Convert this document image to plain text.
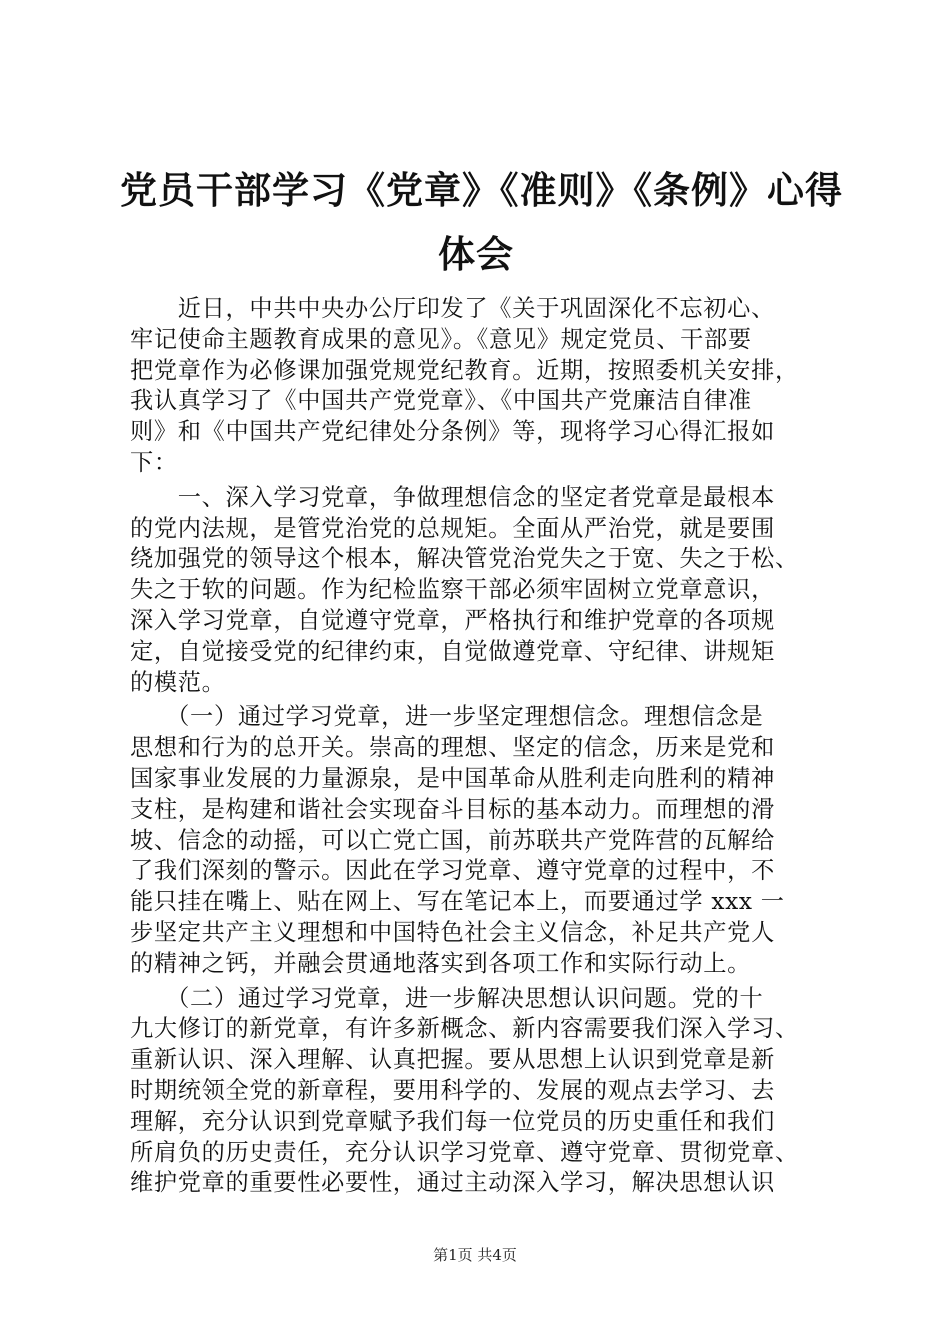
党员干部学习《党章》《准则》《条例》心得
体会

　　近日，中共中央办公厅印发了《关于巩固深化不忘初心、
牢记使命主题教育成果的意见》。《意见》规定党员、干部要
把党章作为必修课加强党规党纪教育。近期，按照委机关安排，
我认真学习了《中国共产党党章》、《中国共产党廉洁自律准
则》和《中国共产党纪律处分条例》等，现将学习心得汇报如
下：

　　一、深入学习党章，争做理想信念的坚定者党章是最根本
的党内法规，是管党治党的总规矩。全面从严治党，就是要围
绕加强党的领导这个根本，解决管党治党失之于宽、失之于松、
失之于软的问题。作为纪检监察干部必须牢固树立党章意识，
深入学习党章，自觉遵守党章，严格执行和维护党章的各项规
定，自觉接受党的纪律约束，自觉做遵党章、守纪律、讲规矩
的模范。

　　（一）通过学习党章，进一步坚定理想信念。理想信念是
思想和行为的总开关。崇高的理想、坚定的信念，历来是党和
国家事业发展的力量源泉，是中国革命从胜利走向胜利的精神
支柱，是构建和谐社会实现奋斗目标的基本动力。而理想的滑
坡、信念的动摇，可以亡党亡国，前苏联共产党阵营的瓦解给
了我们深刻的警示。因此在学习党章、遵守党章的过程中，不
能只挂在嘴上、贴在网上、写在笔记本上，而要通过学 xxx 一
步坚定共产主义理想和中国特色社会主义信念，补足共产党人
的精神之钙，并融会贯通地落实到各项工作和实际行动上。

　　（二）通过学习党章，进一步解决思想认识问题。党的十
九大修订的新党章，有许多新概念、新内容需要我们深入学习、
重新认识、深入理解、认真把握。要从思想上认识到党章是新
时期统领全党的新章程，要用科学的、发展的观点去学习、去
理解，充分认识到党章赋予我们每一位党员的历史重任和我们
所肩负的历史责任，充分认识学习党章、遵守党章、贯彻党章、
维护党章的重要性必要性，通过主动深入学习，解决思想认识

第1页 共4页
